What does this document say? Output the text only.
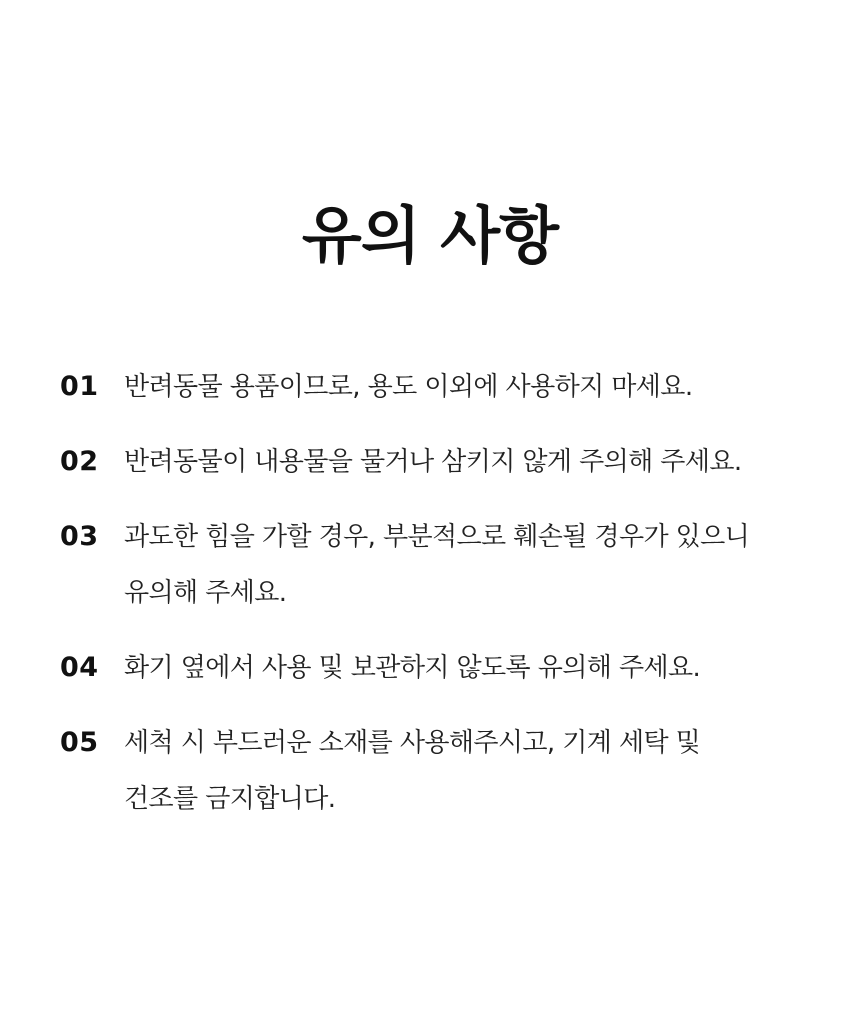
유의 사항
01 반려동물 용품이므로, 용도 이외에 사용하지 마세요.
02 반려동물이 내용물을 물거나 삼키지 않게 주의해 주세요.
03 과도한 힘을 가할 경우, 부분적으로 훼손될 경우가 있으니
유의해 주세요.
04 화기 옆에서 사용 및 보관하지 않도록 유의해 주세요.
05 세척 시 부드러운 소재를 사용해주시고, 기계 세탁 및
건조를 금지합니다.
